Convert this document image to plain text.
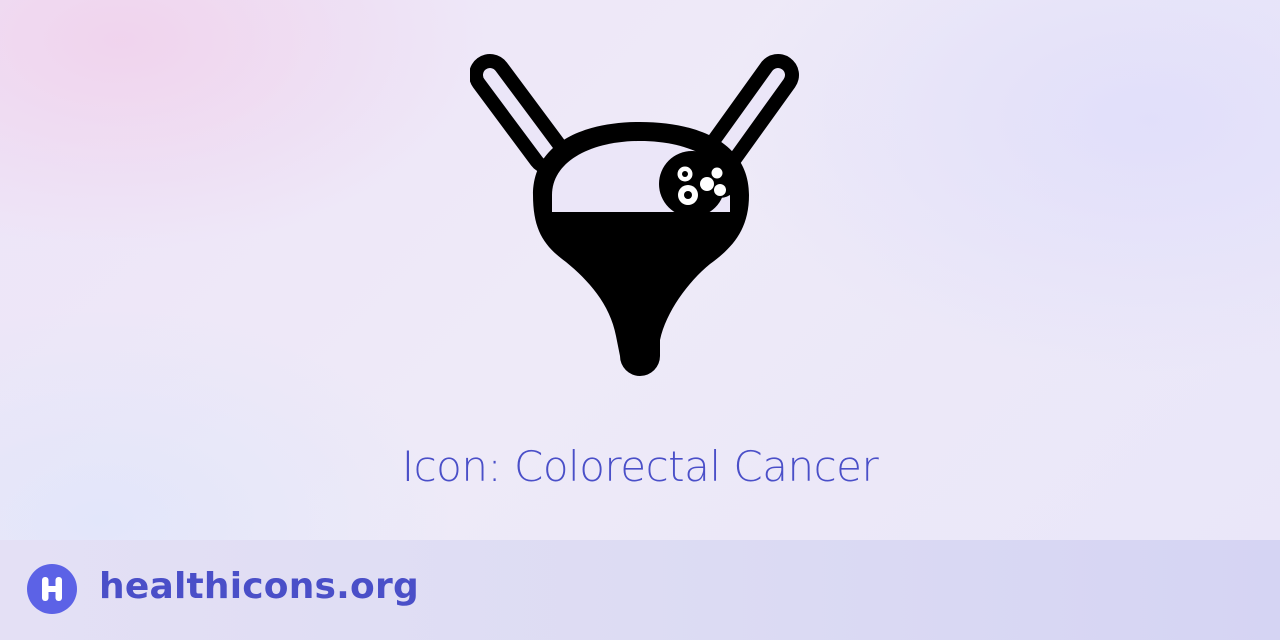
Icon: Colorectal Cancer
healthicons.org
